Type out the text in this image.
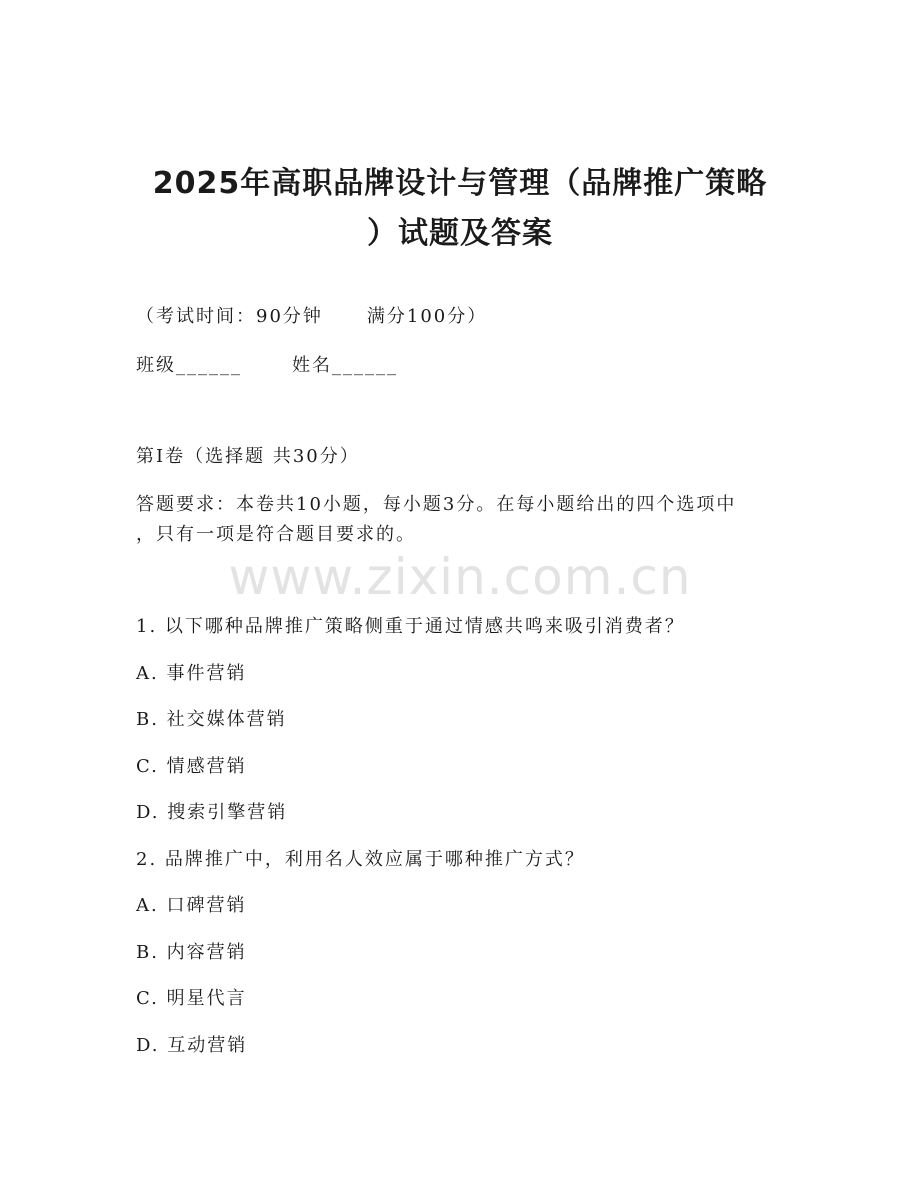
2025年高职品牌设计与管理（品牌推广策略
）试题及答案
（考试时间：90分钟 满分100分）
班级______	姓名______
第I卷（选择题 共30分）
答题要求：本卷共10小题，每小题3分。在每小题给出的四个选项中
，只有一项是符合题目要求的。
www.zixin.com.cn
1. 以下哪种品牌推广策略侧重于通过情感共鸣来吸引消费者？
A. 事件营销
B. 社交媒体营销
C. 情感营销
D. 搜索引擎营销
2. 品牌推广中，利用名人效应属于哪种推广方式？
A. 口碑营销
B. 内容营销
C. 明星代言
D. 互动营销
